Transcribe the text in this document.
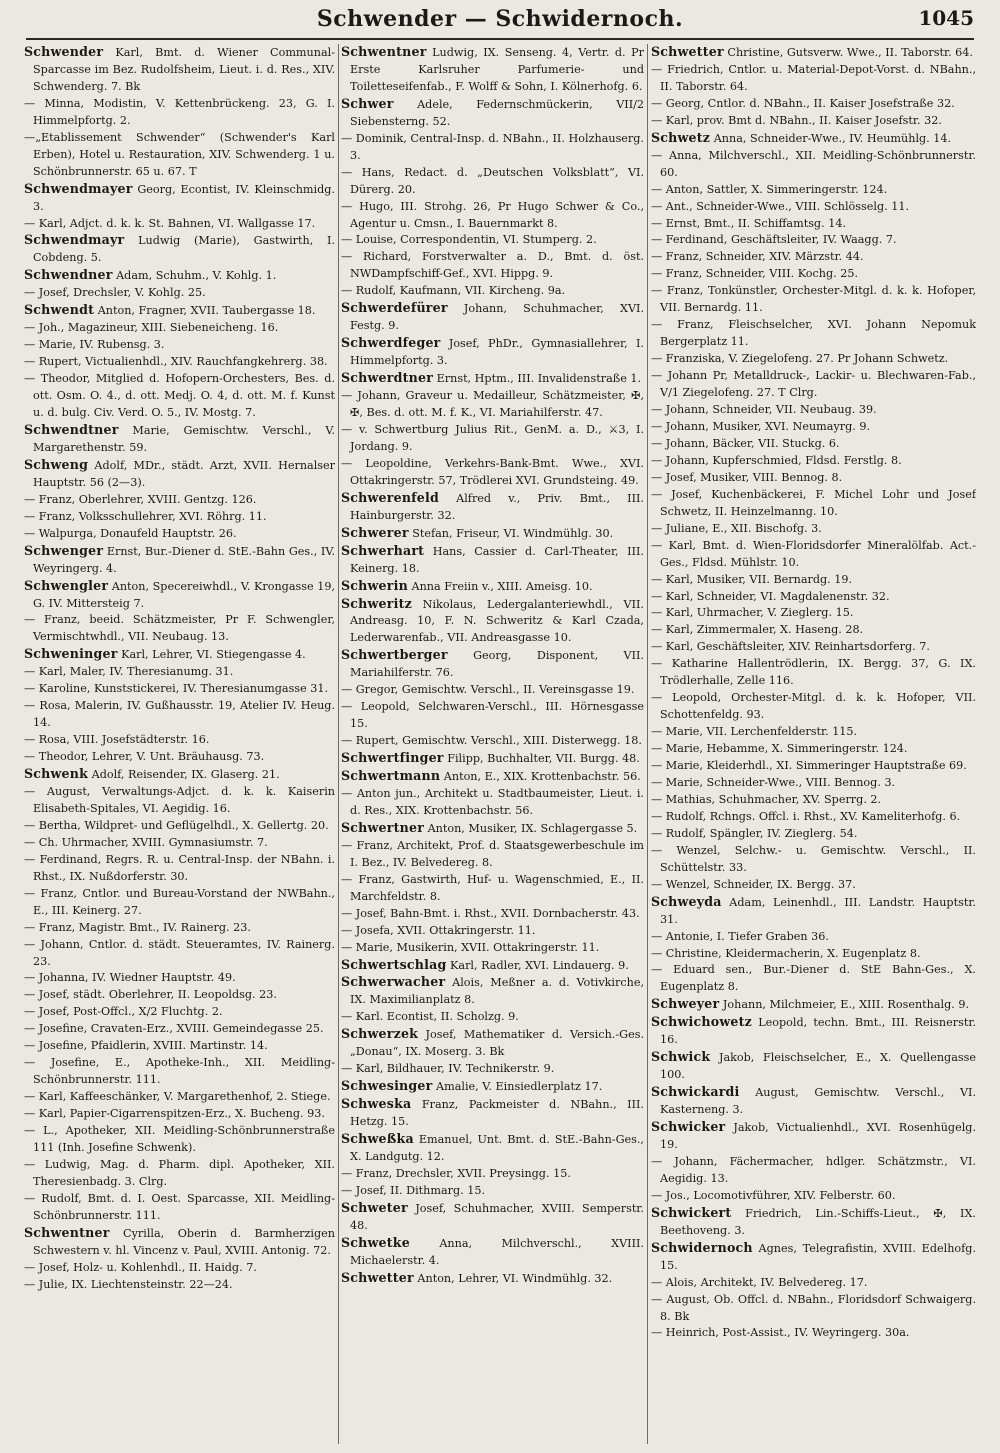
Schwender — Schwidernoch.	1045

Schwender Karl, Bmt. d. Wiener Communal-Sparcasse im Bez. Rudolfsheim, Lieut. i. d. Res., XIV. Schwenderg. 7. Bk

— Minna, Modistin, V. Kettenbrückeng. 23, G. I. Himmelpfortg. 2.

—„Etablissement Schwender“ (Schwender's Karl Erben), Hotel u. Restauration, XIV. Schwenderg. 1 u. Schönbrunnerstr. 65 u. 67. T

Schwendmayer Georg, Econtist, IV. Kleinschmidg. 3.

— Karl, Adjct. d. k. k. St. Bahnen, VI. Wallgasse 17.

Schwendmayr Ludwig (Marie), Gastwirth, I. Cobdeng. 5.

Schwendner Adam, Schuhm., V. Kohlg. 1.

— Josef, Drechsler, V. Kohlg. 25.

Schwendt Anton, Fragner, XVII. Taubergasse 18.

— Joh., Magazineur, XIII. Siebeneicheng. 16.

— Marie, IV. Rubensg. 3.

— Rupert, Victualienhdl., XIV. Rauchfangkehrerg. 38.

— Theodor, Mitglied d. Hofopern-Orchesters, Bes. d. ott. Osm. O. 4., d. ott. Medj. O. 4, d. ott. M. f. Kunst u. d. bulg. Civ. Verd. O. 5., IV. Mostg. 7.

Schwendtner Marie, Gemischtw. Verschl., V. Margarethenstr. 59.

Schweng Adolf, MDr., städt. Arzt, XVII. Hernalser Hauptstr. 56 (2—3).

— Franz, Oberlehrer, XVIII. Gentzg. 126.

— Franz, Volksschullehrer, XVI. Röhrg. 11.

— Walpurga, Donaufeld Hauptstr. 26.

Schwenger Ernst, Bur.-Diener d. StE.-Bahn Ges., IV. Weyringerg. 4.

Schwengler Anton, Specereiwhdl., V. Krongasse 19, G. IV. Mittersteig 7.

— Franz, beeid. Schätzmeister, Pr F. Schwengler, Vermischtwhdl., VII. Neubaug. 13.

Schweninger Karl, Lehrer, VI. Stiegengasse 4.

— Karl, Maler, IV. Theresianumg. 31.

— Karoline, Kunststickerei, IV. Theresianumgasse 31.

— Rosa, Malerin, IV. Gußhausstr. 19, Atelier IV. Heug. 14.

— Rosa, VIII. Josefstädterstr. 16.

— Theodor, Lehrer, V. Unt. Bräuhausg. 73.

Schwenk Adolf, Reisender, IX. Glaserg. 21.

— August, Verwaltungs-Adjct. d. k. k. Kaiserin Elisabeth-Spitales, VI. Aegidig. 16.

— Bertha, Wildpret- und Geflügelhdl., X. Gellertg. 20.

— Ch. Uhrmacher, XVIII. Gymnasiumstr. 7.

— Ferdinand, Regrs. R. u. Central-Insp. der NBahn. i. Rhst., IX. Nußdorferstr. 30.

— Franz, Cntlor. und Bureau-Vorstand der NWBahn., E., III. Keinerg. 27.

— Franz, Magistr. Bmt., IV. Rainerg. 23.

— Johann, Cntlor. d. städt. Steueramtes, IV. Rainerg. 23.

— Johanna, IV. Wiedner Hauptstr. 49.

— Josef, städt. Oberlehrer, II. Leopoldsg. 23.

— Josef, Post-Offcl., X/2 Fluchtg. 2.

— Josefine, Cravaten-Erz., XVIII. Gemeindegasse 25.

— Josefine, Pfaidlerin, XVIII. Martinstr. 14.

— Josefine, E., Apotheke-Inh., XII. Meidling-Schönbrunnerstr. 111.

— Karl, Kaffeeschänker, V. Margarethenhof, 2. Stiege.

— Karl, Papier-Cigarrenspitzen-Erz., X. Bucheng. 93.

— L., Apotheker, XII. Meidling-Schönbrunnerstraße 111 (Inh. Josefine Schwenk).

— Ludwig, Mag. d. Pharm. dipl. Apotheker, XII. Theresienbadg. 3. Clrg.

— Rudolf, Bmt. d. I. Oest. Sparcasse, XII. Meidling-Schönbrunnerstr. 111.

Schwentner Cyrilla, Oberin d. Barmherzigen Schwestern v. hl. Vincenz v. Paul, XVIII. Antonig. 72.

— Josef, Holz- u. Kohlenhdl., II. Haidg. 7.

— Julie, IX. Liechtensteinstr. 22—24.

Schwentner Ludwig, IX. Senseng. 4, Vertr. d. Pr Erste Karlsruher Parfumerie- und Toiletteseifenfab., F. Wolff & Sohn, I. Kölnerhofg. 6.

Schwer Adele, Federnschmückerin, VII/2 Siebensterng. 52.

— Dominik, Central-Insp. d. NBahn., II. Holzhauserg. 3.

— Hans, Redact. d. „Deutschen Volksblatt“, VI. Dürerg. 20.

— Hugo, III. Strohg. 26, Pr Hugo Schwer & Co., Agentur u. Cmsn., I. Bauernmarkt 8.

— Louise, Correspondentin, VI. Stumperg. 2.

— Richard, Forstverwalter a. D., Bmt. d. öst. NWDampfschiff-Gef., XVI. Hippg. 9.

— Rudolf, Kaufmann, VII. Kircheng. 9a.

Schwerdefürer Johann, Schuhmacher, XVI. Festg. 9.

Schwerdfeger Josef, PhDr., Gymnasiallehrer, I. Himmelpfortg. 3.

Schwerdtner Ernst, Hptm., III. Invalidenstraße 1.

— Johann, Graveur u. Medailleur, Schätzmeister, ✠, ✠, Bes. d. ott. M. f. K., VI. Mariahilferstr. 47.

— v. Schwertburg Julius Rit., GenM. a. D., ⚔3, I. Jordang. 9.

— Leopoldine, Verkehrs-Bank-Bmt. Wwe., XVI. Ottakringerstr. 57, Trödlerei XVI. Grundsteing. 49.

Schwerenfeld Alfred v., Priv. Bmt., III. Hainburgerstr. 32.

Schwerer Stefan, Friseur, VI. Windmühlg. 30.

Schwerhart Hans, Cassier d. Carl-Theater, III. Keinerg. 18.

Schwerin Anna Freiin v., XIII. Ameisg. 10.

Schweritz Nikolaus, Ledergalanteriewhdl., VII. Andreasg. 10, F. N. Schweritz & Karl Czada, Lederwarenfab., VII. Andreasgasse 10.

Schwertberger Georg, Disponent, VII. Mariahilferstr. 76.

— Gregor, Gemischtw. Verschl., II. Vereinsgasse 19.

— Leopold, Selchwaren-Verschl., III. Hörnesgasse 15.

— Rupert, Gemischtw. Verschl., XIII. Disterwegg. 18.

Schwertfinger Filipp, Buchhalter, VII. Burgg. 48.

Schwertmann Anton, E., XIX. Krottenbachstr. 56.

— Anton jun., Architekt u. Stadtbaumeister, Lieut. i. d. Res., XIX. Krottenbachstr. 56.

Schwertner Anton, Musiker, IX. Schlagergasse 5.

— Franz, Architekt, Prof. d. Staatsgewerbeschule im I. Bez., IV. Belvedereg. 8.

— Franz, Gastwirth, Huf- u. Wagenschmied, E., II. Marchfeldstr. 8.

— Josef, Bahn-Bmt. i. Rhst., XVII. Dornbacherstr. 43.

— Josefa, XVII. Ottakringerstr. 11.

— Marie, Musikerin, XVII. Ottakringerstr. 11.

Schwertschlag Karl, Radler, XVI. Lindauerg. 9.

Schwerwacher Alois, Meßner a. d. Votivkirche, IX. Maximilianplatz 8.

— Karl. Econtist, II. Scholzg. 9.

Schwerzek Josef, Mathematiker d. Versich.-Ges. „Donau“, IX. Moserg. 3. Bk

— Karl, Bildhauer, IV. Technikerstr. 9.

Schwesinger Amalie, V. Einsiedlerplatz 17.

Schweska Franz, Packmeister d. NBahn., III. Hetzg. 15.

Schweßka Emanuel, Unt. Bmt. d. StE.-Bahn-Ges., X. Landgutg. 12.

— Franz, Drechsler, XVII. Preysingg. 15.

— Josef, II. Dithmarg. 15.

Schweter Josef, Schuhmacher, XVIII. Semperstr. 48.

Schwetke Anna, Milchverschl., XVIII. Michaelerstr. 4.

Schwetter Anton, Lehrer, VI. Windmühlg. 32.

Schwetter Christine, Gutsverw. Wwe., II. Taborstr. 64.

— Friedrich, Cntlor. u. Material-Depot-Vorst. d. NBahn., II. Taborstr. 64.

— Georg, Cntlor. d. NBahn., II. Kaiser Josefstraße 32.

— Karl, prov. Bmt d. NBahn., II. Kaiser Josefstr. 32.

Schwetz Anna, Schneider-Wwe., IV. Heumühlg. 14.

— Anna, Milchverschl., XII. Meidling-Schönbrunnerstr. 60.

— Anton, Sattler, X. Simmeringerstr. 124.

— Ant., Schneider-Wwe., VIII. Schlösselg. 11.

— Ernst, Bmt., II. Schiffamtsg. 14.

— Ferdinand, Geschäftsleiter, IV. Waagg. 7.

— Franz, Schneider, XIV. Märzstr. 44.

— Franz, Schneider, VIII. Kochg. 25.

— Franz, Tonkünstler, Orchester-Mitgl. d. k. k. Hofoper, VII. Bernardg. 11.

— Franz, Fleischselcher, XVI. Johann Nepomuk Bergerplatz 11.

— Franziska, V. Ziegelofeng. 27. Pr Johann Schwetz.

— Johann Pr, Metalldruck-, Lackir- u. Blechwaren-Fab., V/1 Ziegelofeng. 27. T Clrg.

— Johann, Schneider, VII. Neubaug. 39.

— Johann, Musiker, XVI. Neumayrg. 9.

— Johann, Bäcker, VII. Stuckg. 6.

— Johann, Kupferschmied, Fldsd. Ferstlg. 8.

— Josef, Musiker, VIII. Bennog. 8.

— Josef, Kuchenbäckerei, F. Michel Lohr und Josef Schwetz, II. Heinzelmanng. 10.

— Juliane, E., XII. Bischofg. 3.

— Karl, Bmt. d. Wien-Floridsdorfer Mineralölfab. Act.-Ges., Fldsd. Mühlstr. 10.

— Karl, Musiker, VII. Bernardg. 19.

— Karl, Schneider, VI. Magdalenenstr. 32.

— Karl, Uhrmacher, V. Zieglerg. 15.

— Karl, Zimmermaler, X. Haseng. 28.

— Karl, Geschäftsleiter, XIV. Reinhartsdorferg. 7.

— Katharine Hallentrödlerin, IX. Bergg. 37, G. IX. Trödlerhalle, Zelle 116.

— Leopold, Orchester-Mitgl. d. k. k. Hofoper, VII. Schottenfeldg. 93.

— Marie, VII. Lerchenfelderstr. 115.

— Marie, Hebamme, X. Simmeringerstr. 124.

— Marie, Kleiderhdl., XI. Simmeringer Hauptstraße 69.

— Marie, Schneider-Wwe., VIII. Bennog. 3.

— Mathias, Schuhmacher, XV. Sperrg. 2.

— Rudolf, Rchngs. Offcl. i. Rhst., XV. Kameliterhofg. 6.

— Rudolf, Spängler, IV. Zieglerg. 54.

— Wenzel, Selchw.- u. Gemischtw. Verschl., II. Schüttelstr. 33.

— Wenzel, Schneider, IX. Bergg. 37.

Schweyda Adam, Leinenhdl., III. Landstr. Hauptstr. 31.

— Antonie, I. Tiefer Graben 36.

— Christine, Kleidermacherin, X. Eugenplatz 8.

— Eduard sen., Bur.-Diener d. StE Bahn-Ges., X. Eugenplatz 8.

Schweyer Johann, Milchmeier, E., XIII. Rosenthalg. 9.

Schwichowetz Leopold, techn. Bmt., III. Reisnerstr. 16.

Schwick Jakob, Fleischselcher, E., X. Quellengasse 100.

Schwickardi August, Gemischtw. Verschl., VI. Kasterneng. 3.

Schwicker Jakob, Victualienhdl., XVI. Rosenhügelg. 19.

— Johann, Fächermacher, hdlger. Schätzmstr., VI. Aegidig. 13.

— Jos., Locomotivführer, XIV. Felberstr. 60.

Schwickert Friedrich, Lin.-Schiffs-Lieut., ✠, IX. Beethoveng. 3.

Schwidernoch Agnes, Telegrafistin, XVIII. Edelhofg. 15.

— Alois, Architekt, IV. Belvedereg. 17.

— August, Ob. Offcl. d. NBahn., Floridsdorf Schwaigerg. 8. Bk

— Heinrich, Post-Assist., IV. Weyringerg. 30a.
